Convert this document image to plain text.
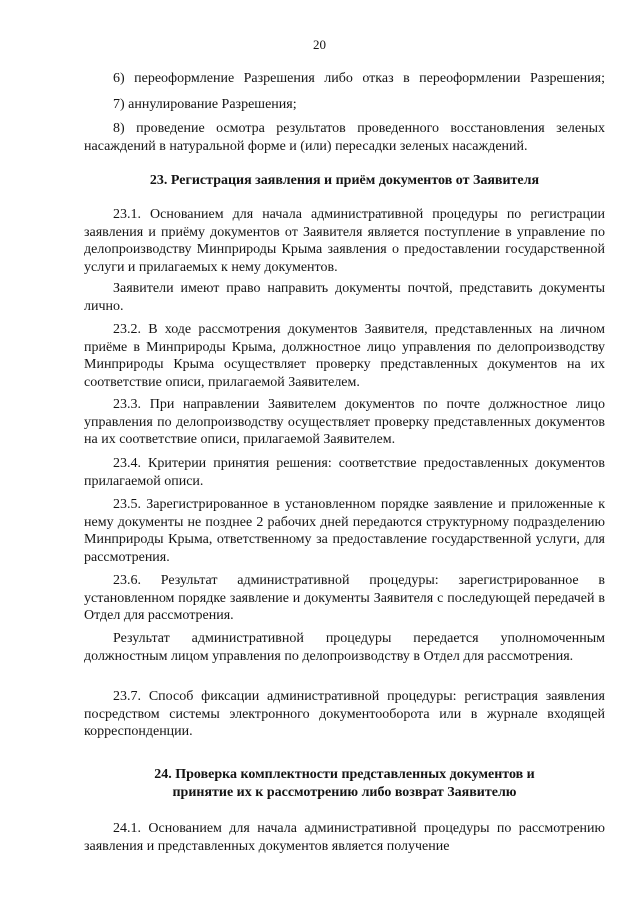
20
6) переоформление Разрешения либо отказ в переоформлении Разрешения;
7) аннулирование Разрешения;
8) проведение осмотра результатов проведенного восстановления зеленых насаждений в натуральной форме и (или) пересадки зеленых насаждений.
23. Регистрация заявления и приём документов от Заявителя
23.1. Основанием для начала административной процедуры по регистрации заявления и приёму документов от Заявителя является поступление в управление по делопроизводству Минприроды Крыма заявления о предоставлении государственной услуги и прилагаемых к нему документов.
Заявители имеют право направить документы почтой, представить документы лично.
23.2. В ходе рассмотрения документов Заявителя, представленных на личном приёме в Минприроды Крыма, должностное лицо управления по делопроизводству Минприроды Крыма осуществляет проверку представленных документов на их соответствие описи, прилагаемой Заявителем.
23.3. При направлении Заявителем документов по почте должностное лицо управления по делопроизводству осуществляет проверку представленных документов на их соответствие описи, прилагаемой Заявителем.
23.4. Критерии принятия решения: соответствие предоставленных документов прилагаемой описи.
23.5. Зарегистрированное в установленном порядке заявление и приложенные к нему документы не позднее 2 рабочих дней передаются структурному подразделению Минприроды Крыма, ответственному за предоставление государственной услуги, для рассмотрения.
23.6. Результат административной процедуры: зарегистрированное в установленном порядке заявление и документы Заявителя с последующей передачей в Отдел для рассмотрения.
Результат административной процедуры передается уполномоченным должностным лицом управления по делопроизводству в Отдел для рассмотрения.
23.7. Способ фиксации административной процедуры: регистрация заявления посредством системы электронного документооборота или в журнале входящей корреспонденции.
24. Проверка комплектности представленных документов и
принятие их к рассмотрению либо возврат Заявителю
24.1. Основанием для начала административной процедуры по рассмотрению заявления и представленных документов является получение
